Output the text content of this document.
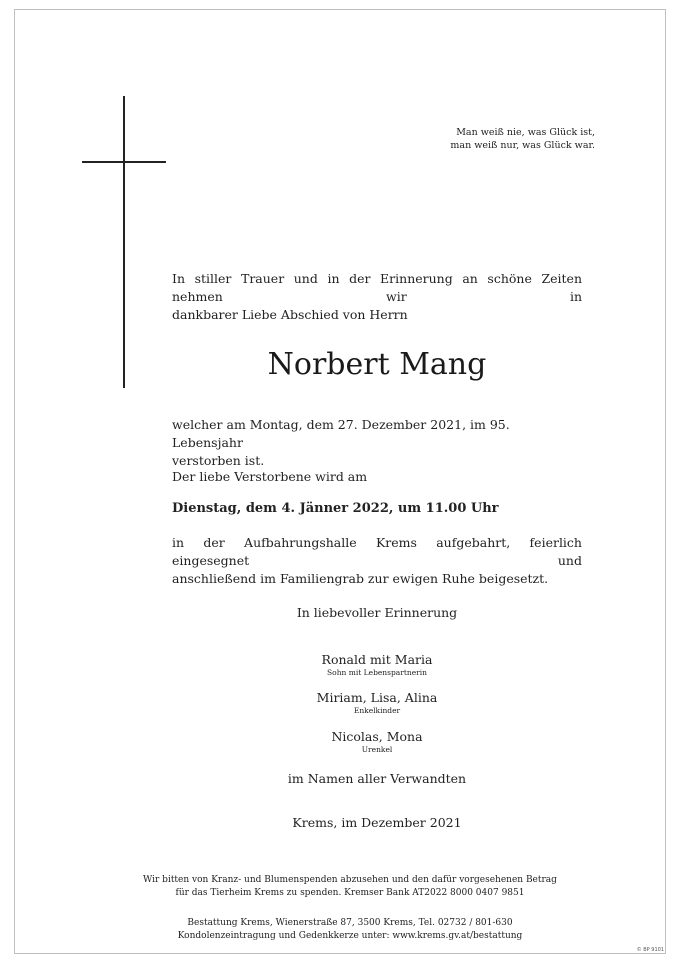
Man weiß nie, was Glück ist,
man weiß nur, was Glück war.
In stiller Trauer und in der Erinnerung an schöne Zeiten nehmen wir in
dankbarer Liebe Abschied von Herrn
Norbert Mang
welcher am Montag, dem 27. Dezember 2021, im 95. Lebensjahr
verstorben ist.
Der liebe Verstorbene wird am
Dienstag, dem 4. Jänner 2022, um 11.00 Uhr
in der Aufbahrungshalle Krems aufgebahrt, feierlich eingesegnet und
anschließend im Familiengrab zur ewigen Ruhe beigesetzt.
In liebevoller Erinnerung
Ronald mit Maria
Sohn mit Lebenspartnerin
Miriam, Lisa, Alina
Enkelkinder
Nicolas, Mona
Urenkel
im Namen aller Verwandten
Krems, im Dezember 2021
Wir bitten von Kranz- und Blumenspenden abzusehen und den dafür vorgesehenen Betrag
für das Tierheim Krems zu spenden. Kremser Bank AT2022 8000 0407 9851
Bestattung Krems, Wienerstraße 87, 3500 Krems, Tel. 02732 / 801-630
Kondolenzeintragung und Gedenkkerze unter: www.krems.gv.at/bestattung
© BP 9101
